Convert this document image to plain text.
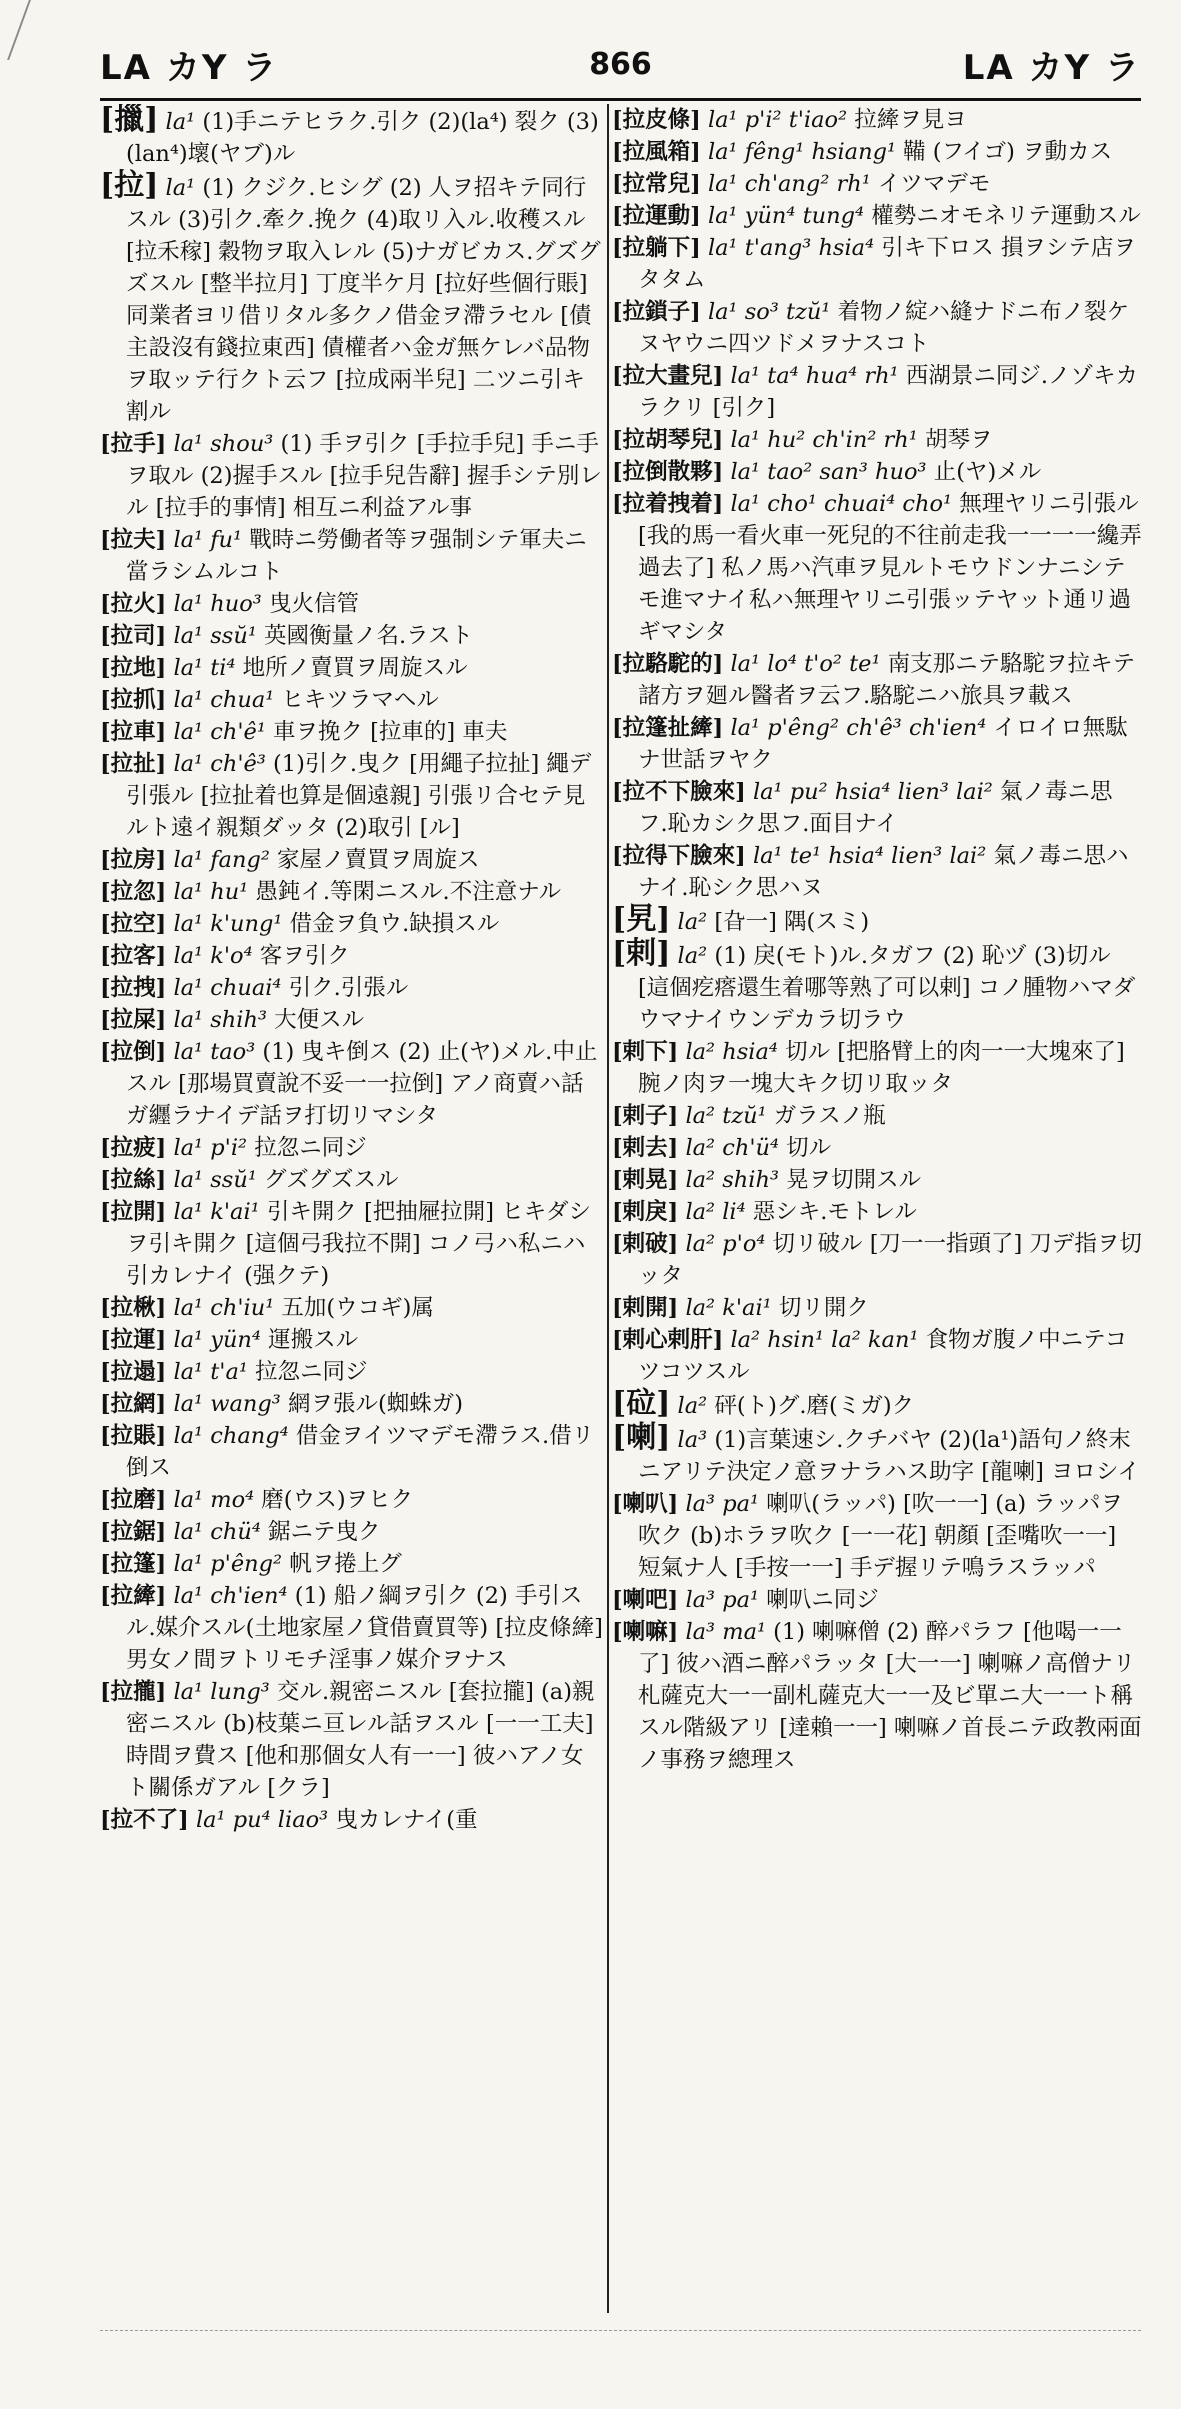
LA カY ラ	866	LA カY ラ

[擸] la¹ (1)手ニテヒラク.引ク (2)(la⁴) 裂ク (3)(lan⁴)壞(ヤブ)ル

[拉] la¹ (1) クジク.ヒシグ (2) 人ヲ招キテ同行スル (3)引ク.牽ク.挽ク (4)取リ入ル.收穫スル [拉禾稼] 穀物ヲ取入レル (5)ナガビカス.グズグズスル [整半拉月] 丁度半ケ月 [拉好些個行賬] 同業者ヨリ借リタル多クノ借金ヲ滯ラセル [債主設沒有錢拉東西] 債權者ハ金ガ無ケレバ品物ヲ取ッテ行クト云フ [拉成兩半兒] 二ツニ引キ割ル

[拉手] la¹ shou³ (1) 手ヲ引ク [手拉手兒] 手ニ手ヲ取ル (2)握手スル [拉手兒告辭] 握手シテ別レル [拉手的事情] 相互ニ利益アル事

[拉夫] la¹ fu¹ 戰時ニ勞働者等ヲ强制シテ軍夫ニ當ラシムルコト

[拉火] la¹ huo³ 曳火信管

[拉司] la¹ ssŭ¹ 英國衡量ノ名.ラスト

[拉地] la¹ ti⁴ 地所ノ賣買ヲ周旋スル

[拉抓] la¹ chua¹ ヒキツラマヘル

[拉車] la¹ ch'ê¹ 車ヲ挽ク [拉車的] 車夫

[拉扯] la¹ ch'ê³ (1)引ク.曳ク [用繩子拉扯] 繩デ引張ル [拉扯着也算是個遠親] 引張リ合セテ見ルト遠イ親類ダッタ (2)取引 [ル]

[拉房] la¹ fang² 家屋ノ賣買ヲ周旋ス

[拉忽] la¹ hu¹ 愚鈍イ.等閑ニスル.不注意ナル

[拉空] la¹ k'ung¹ 借金ヲ負ウ.缺損スル

[拉客] la¹ k'o⁴ 客ヲ引ク

[拉拽] la¹ chuai⁴ 引ク.引張ル

[拉屎] la¹ shih³ 大便スル

[拉倒] la¹ tao³ (1) 曳キ倒ス (2) 止(ヤ)メル.中止スル [那場買賣說不妥一一拉倒] アノ商賣ハ話ガ纒ラナイデ話ヲ打切リマシタ

[拉疲] la¹ p'i² 拉忽ニ同ジ

[拉絲] la¹ ssŭ¹ グズグズスル

[拉開] la¹ k'ai¹ 引キ開ク [把抽屜拉開] ヒキダシヲ引キ開ク [這個弓我拉不開] コノ弓ハ私ニハ引カレナイ (强クテ)

[拉楸] la¹ ch'iu¹ 五加(ウコギ)属

[拉運] la¹ yün⁴ 運搬スル

[拉遢] la¹ t'a¹ 拉忽ニ同ジ

[拉網] la¹ wang³ 網ヲ張ル(蜘蛛ガ)

[拉賬] la¹ chang⁴ 借金ヲイツマデモ滯ラス.借リ倒ス

[拉磨] la¹ mo⁴ 磨(ウス)ヲヒク

[拉鋸] la¹ chü⁴ 鋸ニテ曳ク

[拉篷] la¹ p'êng² 帆ヲ捲上グ

[拉縴] la¹ ch'ien⁴ (1) 船ノ綱ヲ引ク (2) 手引スル.媒介スル(土地家屋ノ貸借賣買等) [拉皮條縴] 男女ノ間ヲトリモチ淫事ノ媒介ヲナス

[拉攏] la¹ lung³ 交ル.親密ニスル [套拉攏] (a)親密ニスル (b)枝葉ニ亘レル話ヲスル [一一工夫] 時間ヲ費ス [他和那個女人有一一] 彼ハアノ女ト關係ガアル [クラ]

[拉不了] la¹ pu⁴ liao³ 曳カレナイ(重

[拉皮條] la¹ p'i² t'iao² 拉縴ヲ見ヨ

[拉風箱] la¹ fêng¹ hsiang¹ 鞴 (フイゴ) ヲ動カス

[拉常兒] la¹ ch'ang² rh¹ イツマデモ

[拉運動] la¹ yün⁴ tung⁴ 權勢ニオモネリテ運動スル

[拉躺下] la¹ t'ang³ hsia⁴ 引キ下ロス 損ヲシテ店ヲタタム

[拉鎖子] la¹ so³ tzŭ¹ 着物ノ綻ハ縫ナドニ布ノ裂ケヌヤウニ四ツドメヲナスコト

[拉大畫兒] la¹ ta⁴ hua⁴ rh¹ 西湖景ニ同ジ.ノゾキカラクリ [引ク]

[拉胡琴兒] la¹ hu² ch'in² rh¹ 胡琴ヲ

[拉倒散夥] la¹ tao² san³ huo³ 止(ヤ)メル

[拉着拽着] la¹ cho¹ chuai⁴ cho¹ 無理ヤリニ引張ル [我的馬一看火車一死兒的不往前走我一一一一纔弄過去了] 私ノ馬ハ汽車ヲ見ルトモウドンナニシテモ進マナイ私ハ無理ヤリニ引張ッテヤット通リ過ギマシタ

[拉駱駝的] la¹ lo⁴ t'o² te¹ 南支那ニテ駱駝ヲ拉キテ諸方ヲ廻ル醫者ヲ云フ.駱駝ニハ旅具ヲ載ス

[拉篷扯縴] la¹ p'êng² ch'ê³ ch'ien⁴ イロイロ無駄ナ世話ヲヤク

[拉不下臉來] la¹ pu² hsia⁴ lien³ lai² 氣ノ毒ニ思フ.恥カシク思フ.面目ナイ

[拉得下臉來] la¹ te¹ hsia⁴ lien³ lai² 氣ノ毒ニ思ハナイ.恥シク思ハヌ

[旯] la² [旮一] 隅(スミ)

[剌] la² (1) 戾(モト)ル.タガフ (2) 恥ヅ (3)切ル [這個疙瘩還生着哪等熟了可以剌] コノ腫物ハマダウマナイウンデカラ切ラウ

[剌下] la² hsia⁴ 切ル [把胳臂上的肉一一大塊來了] 腕ノ肉ヲ一塊大キク切リ取ッタ

[剌子] la² tzŭ¹ ガラスノ瓶

[剌去] la² ch'ü⁴ 切ル

[剌晃] la² shih³ 晃ヲ切開スル

[剌戾] la² li⁴ 惡シキ.モトレル

[剌破] la² p'o⁴ 切リ破ル [刀一一指頭了] 刀デ指ヲ切ッタ

[剌開] la² k'ai¹ 切リ開ク

[剌心剌肝] la² hsin¹ la² kan¹ 食物ガ腹ノ中ニテコツコツスル

[砬] la² 砰(ト)グ.磨(ミガ)ク

[喇] la³ (1)言葉速シ.クチバヤ (2)(la¹)語句ノ終末ニアリテ決定ノ意ヲナラハス助字 [龍喇] ヨロシイ

[喇叭] la³ pa¹ 喇叭(ラッパ) [吹一一] (a) ラッパヲ吹ク (b)ホラヲ吹ク [一一花] 朝顏 [歪嘴吹一一] 短氣ナ人 [手按一一] 手デ握リテ鳴ラスラッパ

[喇吧] la³ pa¹ 喇叭ニ同ジ

[喇嘛] la³ ma¹ (1) 喇嘛僧 (2) 醉パラフ [他喝一一了] 彼ハ酒ニ醉パラッタ [大一一] 喇嘛ノ高僧ナリ札薩克大一一副札薩克大一一及ビ單ニ大一一ト稱スル階級アリ [達賴一一] 喇嘛ノ首長ニテ政教兩面ノ事務ヲ總理ス
